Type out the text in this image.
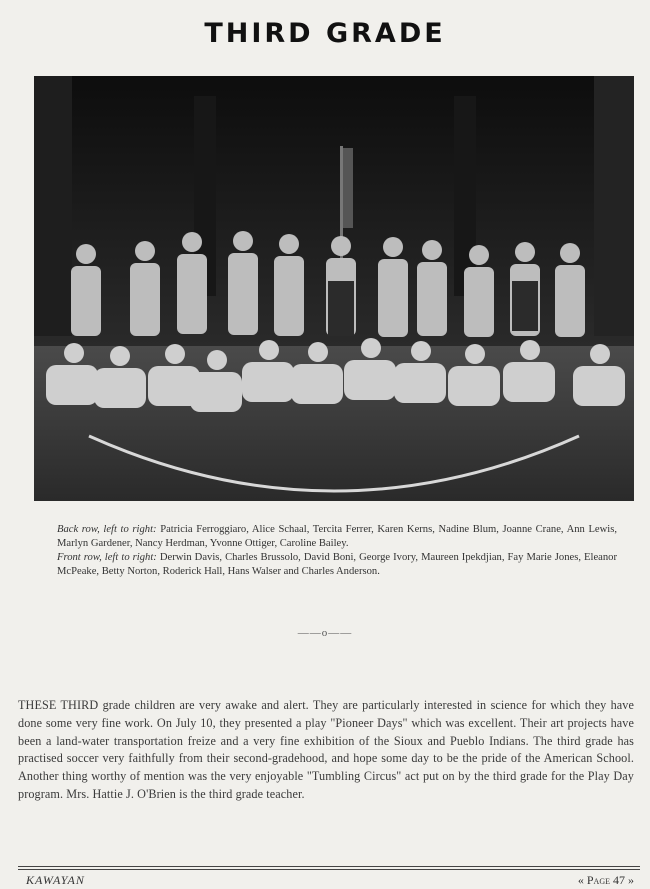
THIRD GRADE
Back row, left to right: Patricia Ferroggiaro, Alice Schaal, Tercita Ferrer, Karen Kerns, Nadine Blum, Joanne Crane, Ann Lewis, Marlyn Gardener, Nancy Herdman, Yvonne Ottiger, Caroline Bailey.
Front row, left to right: Derwin Davis, Charles Brussolo, David Boni, George Ivory, Maureen Ipekdjian, Fay Marie Jones, Eleanor McPeake, Betty Norton, Roderick Hall, Hans Walser and Charles Anderson.
——o——
THESE THIRD grade children are very awake and alert. They are particularly interested in science for which they have done some very fine work. On July 10, they presented a play "Pioneer Days" which was excellent. Their art projects have been a land-water transportation freize and a very fine exhibition of the Sioux and Pueblo Indians. The third grade has practised soccer very faithfully from their second-gradehood, and hope some day to be the pride of the American School. Another thing worthy of mention was the very enjoyable "Tumbling Circus" act put on by the third grade for the Play Day program. Mrs. Hattie J. O'Brien is the third grade teacher.
KAWAYAN	« Page 47 »
